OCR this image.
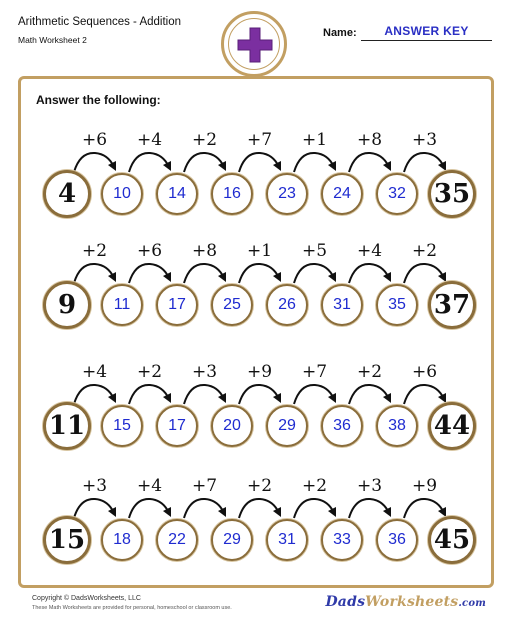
Arithmetic Sequences - Addition
Math Worksheet 2
Name:	ANSWER KEY
Answer the following:
+6	+4	+2	+7	+1	+8	+3
4	10	14	16	23	24	32	35
+2	+6	+8	+1	+5	+4	+2
9	11	17	25	26	31	35	37
+4	+2	+3	+9	+7	+2	+6
11	15	17	20	29	36	38	44
+3	+4	+7	+2	+2	+3	+9
15	18	22	29	31	33	36	45
Copyright © DadsWorksheets, LLC
These Math Worksheets are provided for personal, homeschool or classroom use.	DadsWorksheets.com
